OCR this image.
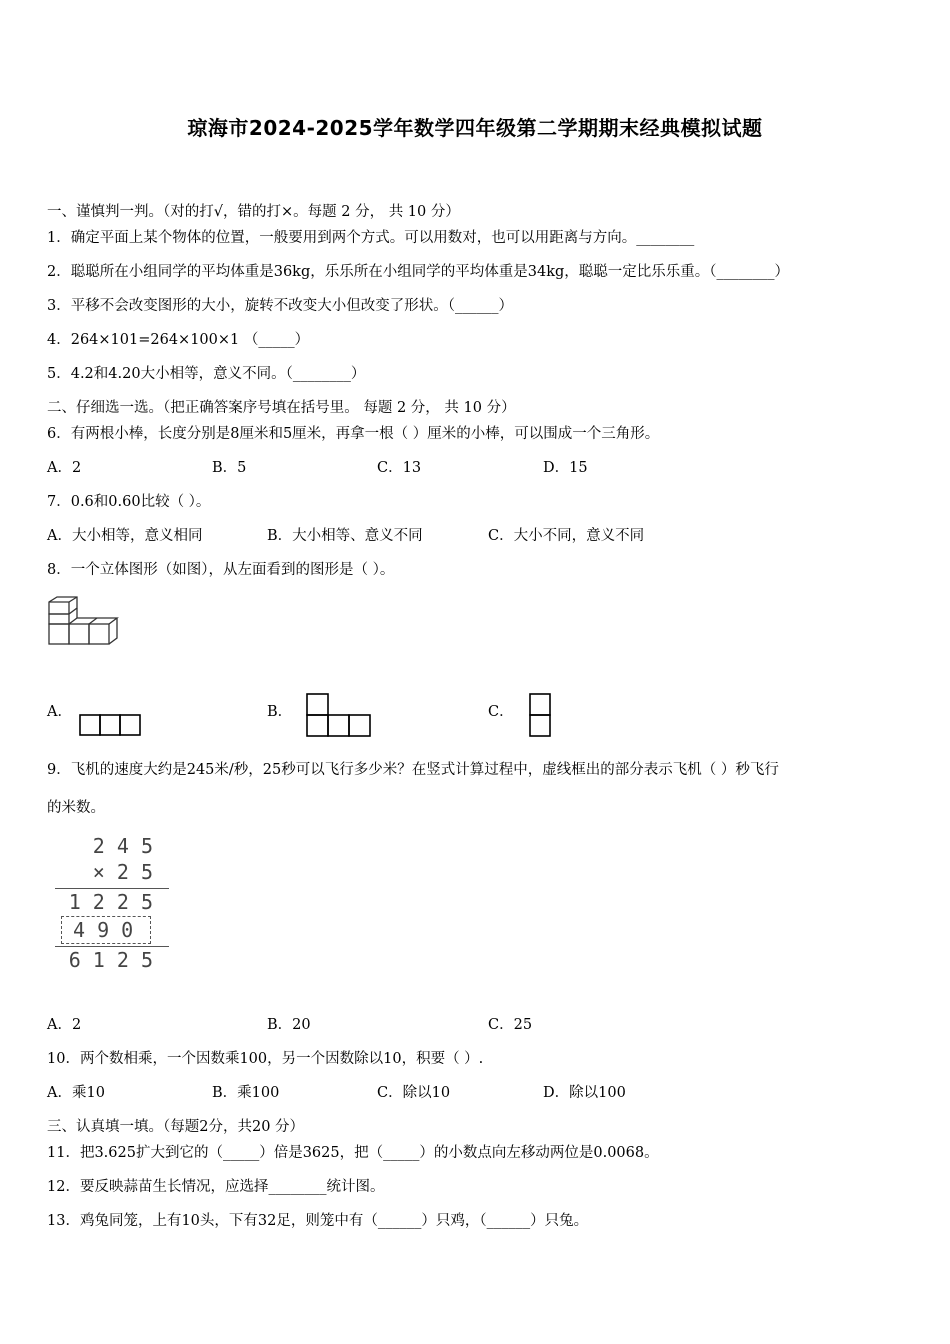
琼海市2024-2025学年数学四年级第二学期期末经典模拟试题
一、谨慎判一判。（对的打√，错的打×。每题 2 分， 共 10 分）
1．确定平面上某个物体的位置，一般要用到两个方式。可以用数对，也可以用距离与方向。________
2．聪聪所在小组同学的平均体重是36kg，乐乐所在小组同学的平均体重是34kg，聪聪一定比乐乐重。（________）
3．平移不会改变图形的大小，旋转不改变大小但改变了形状。（______）
4．264×101=264×100×1 （_____）
5．4.2和4.20大小相等，意义不同。（________）
二、仔细选一选。（把正确答案序号填在括号里。 每题 2 分， 共 10 分）
6．有两根小棒，长度分别是8厘米和5厘米，再拿一根（ ）厘米的小棒，可以围成一个三角形。
A．2	B．5	C．13	D．15
7．0.6和0.60比较（ ）。
A．大小相等，意义相同	B．大小相等、意义不同	C．大小不同，意义不同
8．一个立体图形（如图），从左面看到的图形是（ ）。
A．	B．	C．
9．飞机的速度大约是245米/秒，25秒可以飞行多少米？在竖式计算过程中，虚线框出的部分表示飞机（ ）秒飞行
的米数。
2 4 5
× 2 5
1 2 2 5
4 9 0
6 1 2 5
A．2	B．20	C．25
10．两个数相乘，一个因数乘100，另一个因数除以10，积要（ ）.
A．乘10	B．乘100	C．除以10	D．除以100
三、认真填一填。（每题2分，共20 分）
11．把3.625扩大到它的（_____）倍是3625，把（_____）的小数点向左移动两位是0.0068。
12．要反映蒜苗生长情况，应选择________统计图。
13．鸡兔同笼，上有10头，下有32足，则笼中有（______）只鸡，（______）只兔。
